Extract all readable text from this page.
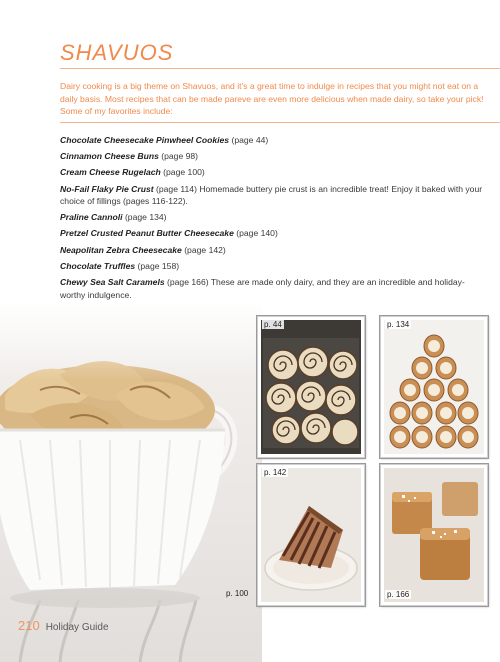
SHAVUOS

Dairy cooking is a big theme on Shavuos, and it's a great time to indulge in recipes that you might not eat on a daily basis. Most recipes that can be made pareve are even more delicious when made dairy, so take your pick! Some of my favorites include:

Chocolate Cheesecake Pinwheel Cookies (page 44)
Cinnamon Cheese Buns (page 98)
Cream Cheese Rugelach (page 100)
No-Fail Flaky Pie Crust (page 114) Homemade buttery pie crust is an incredible treat! Enjoy it baked with your choice of fillings (pages 116-122).
Praline Cannoli (page 134)
Pretzel Crusted Peanut Butter Cheesecake (page 140)
Neapolitan Zebra Cheesecake (page 142)
Chocolate Truffles (page 158)
Chewy Sea Salt Caramels (page 166) These are made only dairy, and they are an incredible and holiday-worthy indulgence.
p. 100
p. 44	p. 134
p. 142
p. 166
210 Holiday Guide
